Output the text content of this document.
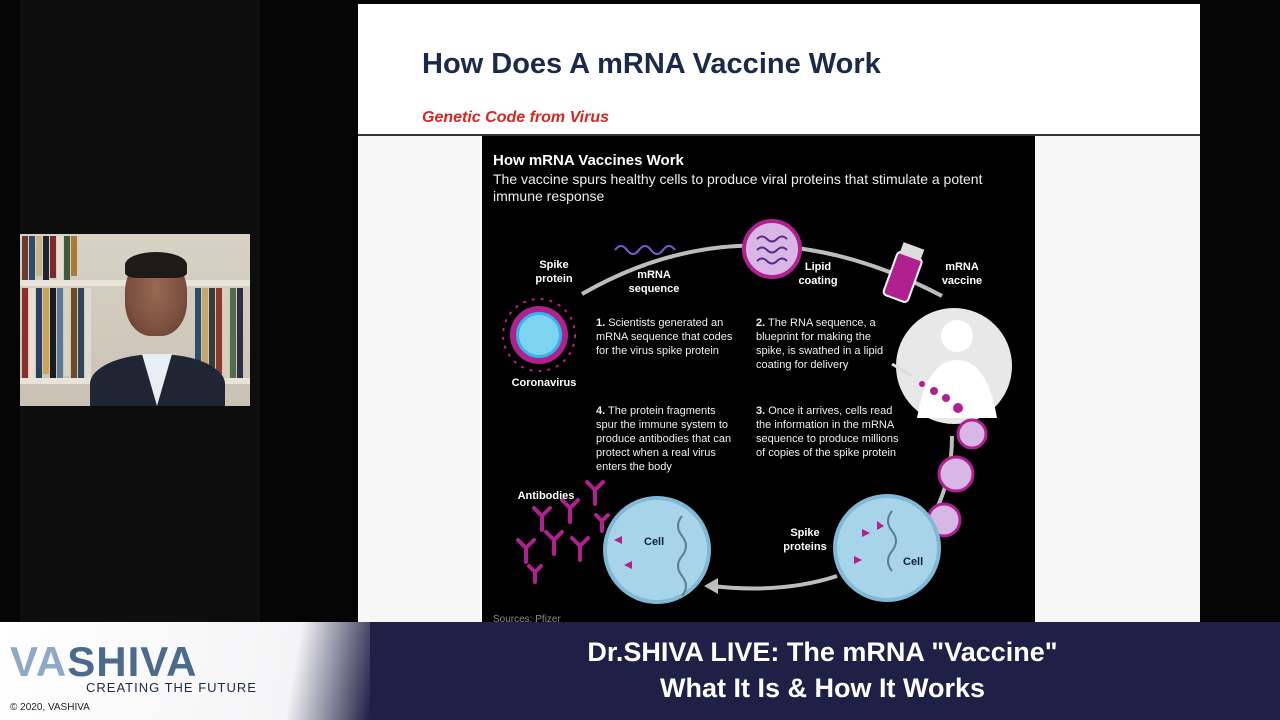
How Does A mRNA Vaccine Work
Genetic Code from Virus
How mRNA Vaccines Work
The vaccine spurs healthy cells to produce viral proteins that stimulate a potent immune response
Spike protein	mRNA sequence
Lipid coating
mRNA vaccine
Coronavirus
Antibodies
Spike proteins
Cell
Cell
1. Scientists generated an mRNA sequence that codes for the virus spike protein
2. The RNA sequence, a blueprint for making the spike, is swathed in a lipid coating for delivery
3. Once it arrives, cells read the information in the mRNA sequence to produce millions of copies of the spike protein
4. The protein fragments spur the immune system to produce antibodies that can protect when a real virus enters the body
Sources: Pfizer
VASHIVA
CREATING THE FUTURE
© 2020, VASHIVA
Dr.SHIVA LIVE: The mRNA "Vaccine"
What It Is & How It Works
